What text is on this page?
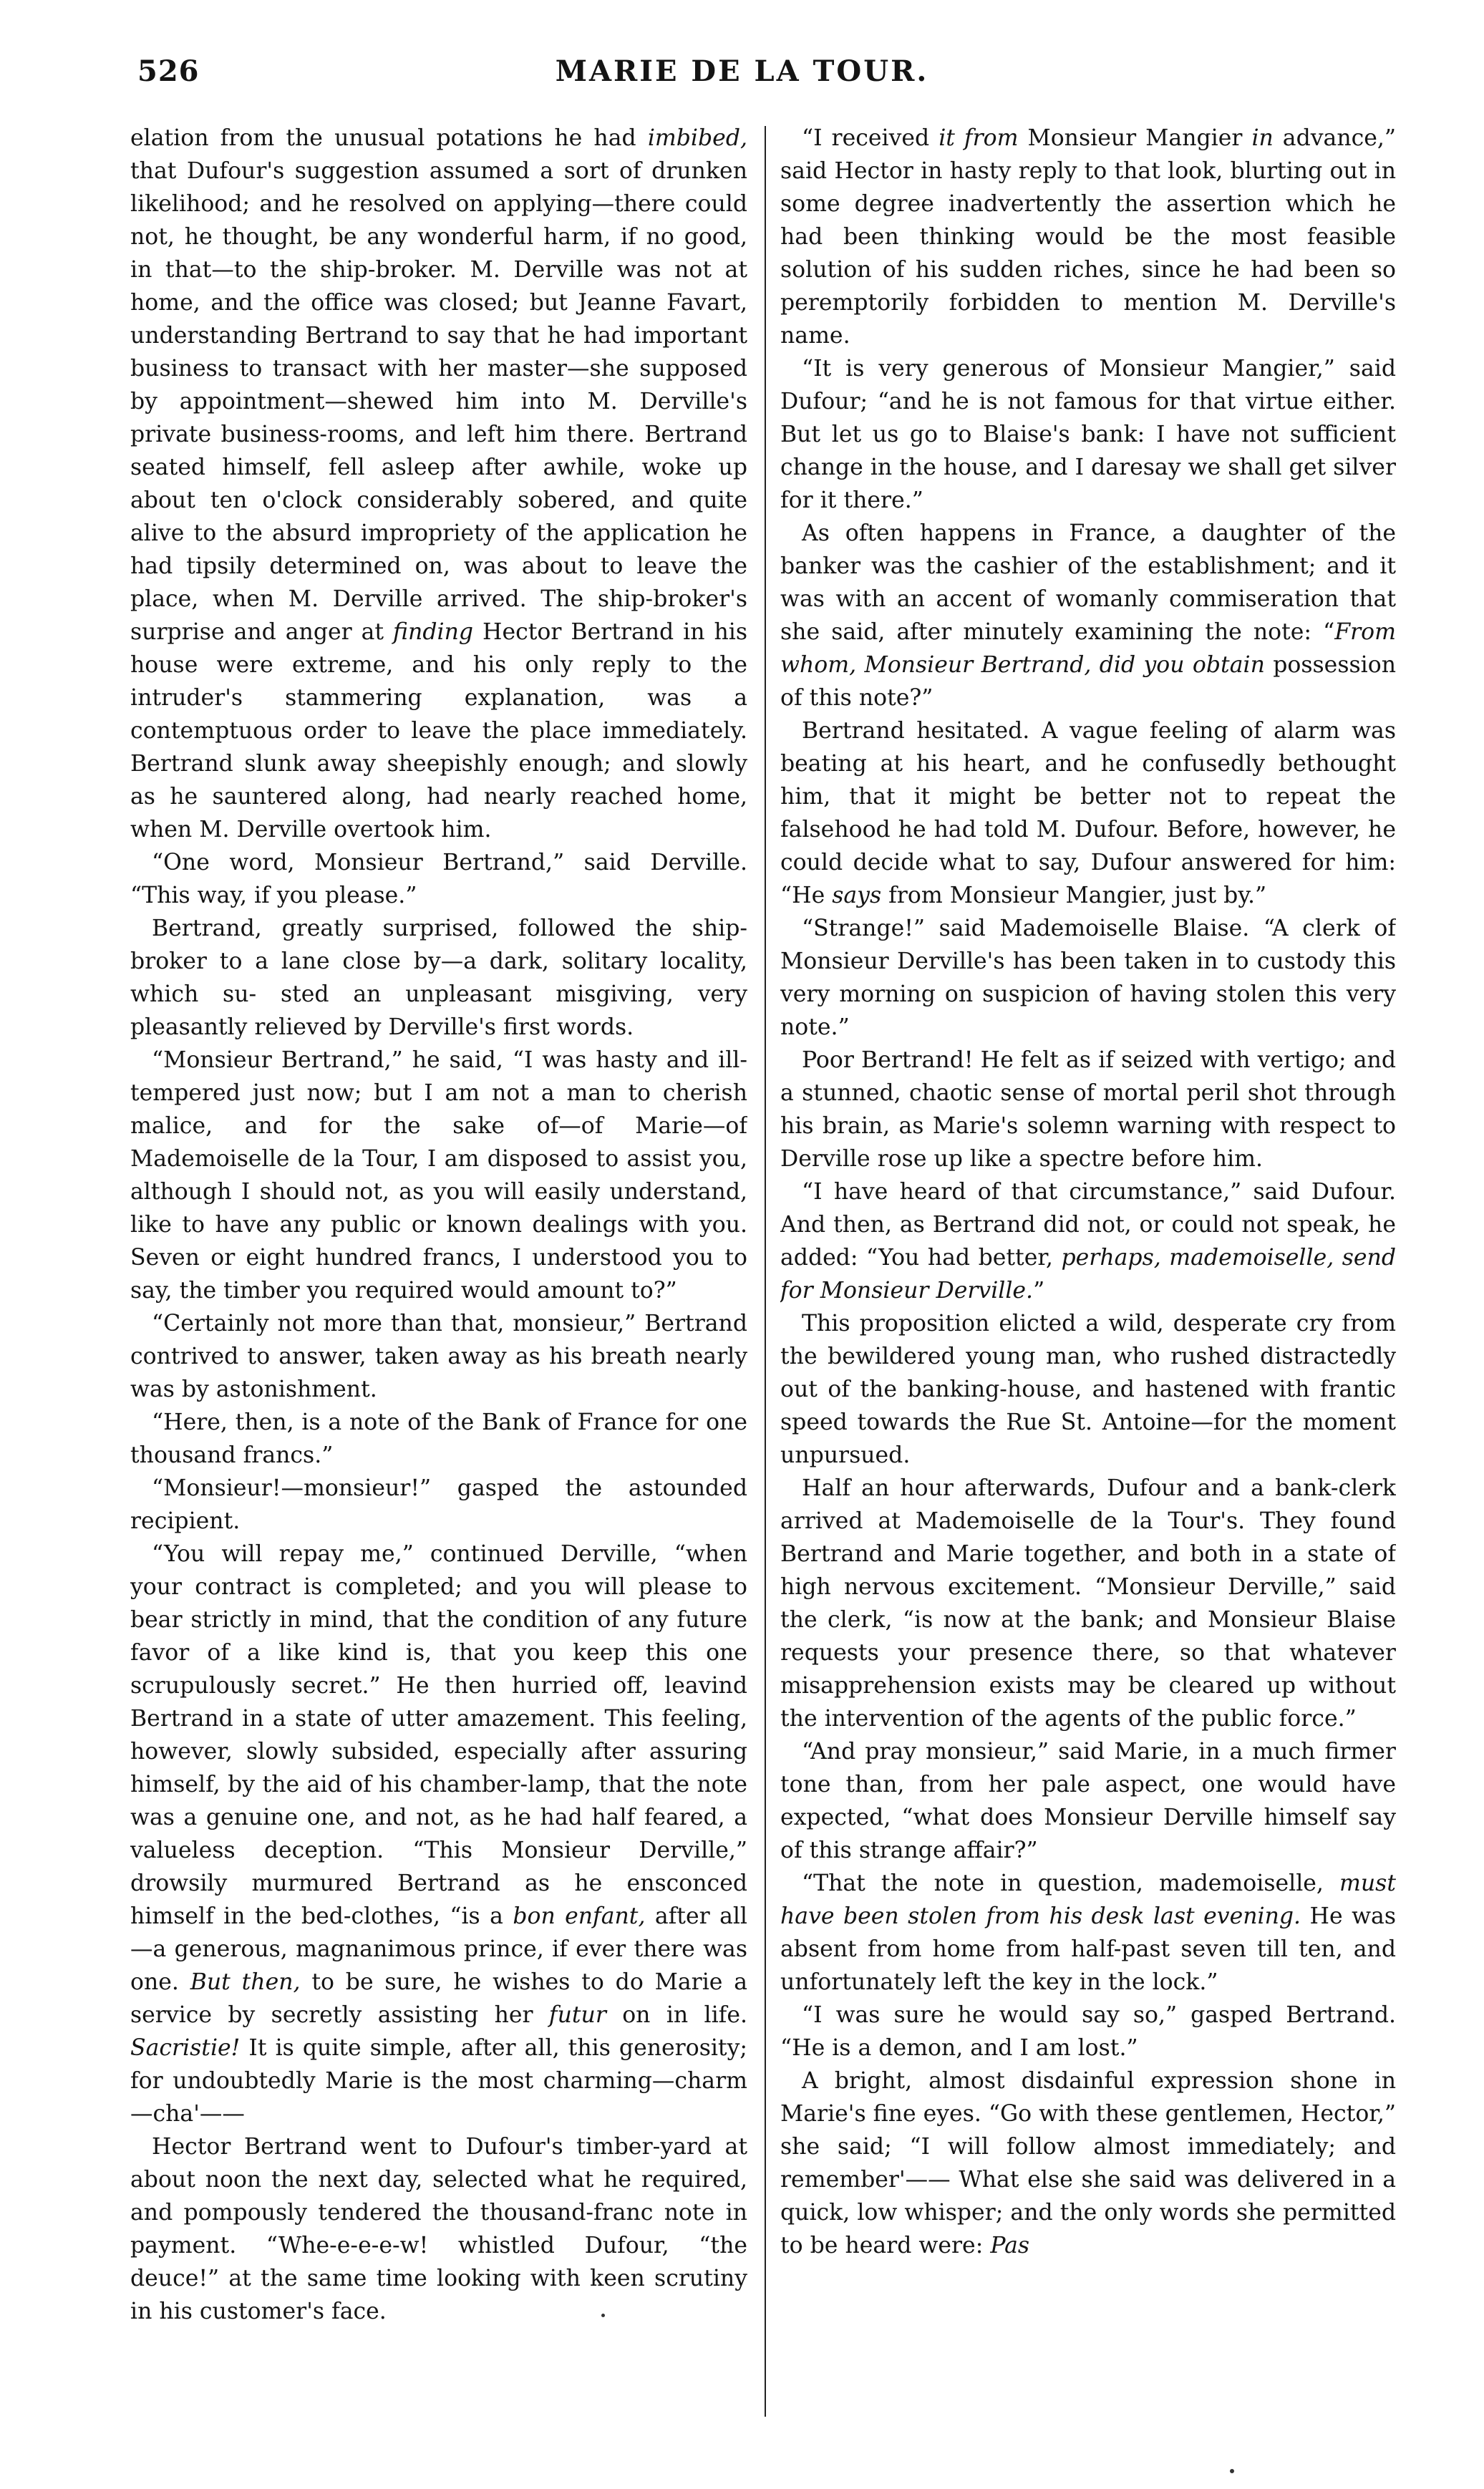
526	MARIE DE LA TOUR.

elation from the unusual potations he had imbibed, that Dufour's suggestion assumed a sort of drunken likelihood; and he resolved on applying—there could not, he thought, be any wonderful harm, if no good, in that—to the ship-broker. M. Derville was not at home, and the office was closed; but Jeanne Favart, understanding Bertrand to say that he had important business to transact with her master—she supposed by appointment—shewed him into M. Derville's private business-rooms, and left him there. Bertrand seated himself, fell asleep after awhile, woke up about ten o'clock considerably sobered, and quite alive to the absurd impropriety of the application he had tipsily determined on, was about to leave the place, when M. Derville arrived. The ship-broker's surprise and anger at finding Hector Bertrand in his house were extreme, and his only reply to the intruder's stammering explanation, was a contemptuous order to leave the place immediately. Bertrand slunk away sheepishly enough; and slowly as he sauntered along, had nearly reached home, when M. Derville overtook him.

“One word, Monsieur Bertrand,” said Derville. “This way, if you please.”

Bertrand, greatly surprised, followed the ship-broker to a lane close by—a dark, solitary locality, which su- sted an unpleasant misgiving, very pleasantly relieved by Derville's first words.

“Monsieur Bertrand,” he said, “I was hasty and ill-tempered just now; but I am not a man to cherish malice, and for the sake of—of Marie—of Mademoiselle de la Tour, I am disposed to assist you, although I should not, as you will easily understand, like to have any public or known dealings with you. Seven or eight hundred francs, I understood you to say, the timber you required would amount to?”

“Certainly not more than that, monsieur,” Bertrand contrived to answer, taken away as his breath nearly was by astonishment.

“Here, then, is a note of the Bank of France for one thousand francs.”

“Monsieur!—monsieur!” gasped the astounded recipient.

“You will repay me,” continued Derville, “when your contract is completed; and you will please to bear strictly in mind, that the condition of any future favor of a like kind is, that you keep this one scrupulously secret.” He then hurried off, leavind Bertrand in a state of utter amazement. This feeling, however, slowly subsided, especially after assuring himself, by the aid of his chamber-lamp, that the note was a genuine one, and not, as he had half feared, a valueless deception. “This Monsieur Derville,” drowsily murmured Bertrand as he ensconced himself in the bed-clothes, “is a bon enfant, after all—a generous, magnanimous prince, if ever there was one. But then, to be sure, he wishes to do Marie a service by secretly assisting her futur on in life. Sacristie! It is quite simple, after all, this generosity; for undoubtedly Marie is the most charming—charm —cha'——

Hector Bertrand went to Dufour's timber-yard at about noon the next day, selected what he required, and pompously tendered the thousand-franc note in payment. “Whe-e-e-e-w! whistled Dufour, “the deuce!” at the same time looking with keen scrutiny in his customer's face.

“I received it from Monsieur Mangier in advance,” said Hector in hasty reply to that look, blurting out in some degree inadvertently the assertion which he had been thinking would be the most feasible solution of his sudden riches, since he had been so peremptorily forbidden to mention M. Derville's name.

“It is very generous of Monsieur Mangier,” said Dufour; “and he is not famous for that virtue either. But let us go to Blaise's bank: I have not sufficient change in the house, and I daresay we shall get silver for it there.”

As often happens in France, a daughter of the banker was the cashier of the establishment; and it was with an accent of womanly commiseration that she said, after minutely examining the note: “From whom, Monsieur Bertrand, did you obtain possession of this note?”

Bertrand hesitated. A vague feeling of alarm was beating at his heart, and he confusedly bethought him, that it might be better not to repeat the falsehood he had told M. Dufour. Before, however, he could decide what to say, Dufour answered for him: “He says from Monsieur Mangier, just by.”

“Strange!” said Mademoiselle Blaise. “A clerk of Monsieur Derville's has been taken in to custody this very morning on suspicion of having stolen this very note.”

Poor Bertrand! He felt as if seized with vertigo; and a stunned, chaotic sense of mortal peril shot through his brain, as Marie's solemn warning with respect to Derville rose up like a spectre before him.

“I have heard of that circumstance,” said Dufour. And then, as Bertrand did not, or could not speak, he added: “You had better, perhaps, mademoiselle, send for Monsieur Derville.”

This proposition elicted a wild, desperate cry from the bewildered young man, who rushed distractedly out of the banking-house, and hastened with frantic speed towards the Rue St. Antoine—for the moment unpursued.

Half an hour afterwards, Dufour and a bank-clerk arrived at Mademoiselle de la Tour's. They found Bertrand and Marie together, and both in a state of high nervous excitement. “Monsieur Derville,” said the clerk, “is now at the bank; and Monsieur Blaise requests your presence there, so that whatever misapprehension exists may be cleared up without the intervention of the agents of the public force.”

“And pray monsieur,” said Marie, in a much firmer tone than, from her pale aspect, one would have expected, “what does Monsieur Derville himself say of this strange affair?”

“That the note in question, mademoiselle, must have been stolen from his desk last evening. He was absent from home from half-past seven till ten, and unfortunately left the key in the lock.”

“I was sure he would say so,” gasped Bertrand. “He is a demon, and I am lost.”

A bright, almost disdainful expression shone in Marie's fine eyes. “Go with these gentlemen, Hector,” she said; “I will follow almost immediately; and remember'—— What else she said was delivered in a quick, low whisper; and the only words she permitted to be heard were: Pas
